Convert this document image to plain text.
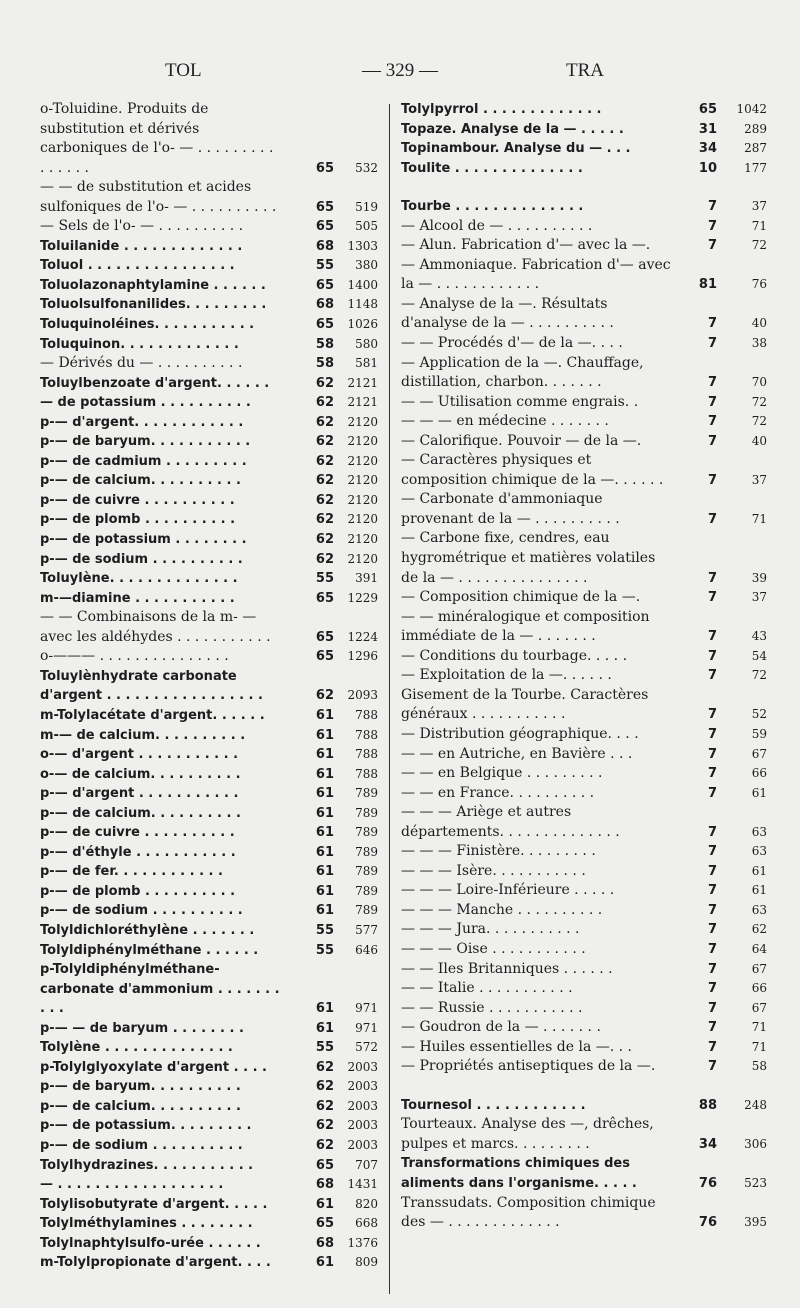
TOL	— 329 —	TRA
o-Toluidine. Produits de substitution et dérivés carboniques de l'o- — . . . . . . . . . . . . . . .	65 532
— — de substitution et acides sulfoniques de l'o- — . . . . . . . . . .	65 519
— Sels de l'o- — . . . . . . . . . .	65 505
Toluilanide . . . . . . . . . . . . .	68 1303
Toluol . . . . . . . . . . . . . . . .	55 380
Toluolazonaphtylamine . . . . . .	65 1400
Toluolsulfonanilides. . . . . . . . .	68 1148
Toluquinoléines. . . . . . . . . . .	65 1026
Toluquinon. . . . . . . . . . . . .	58 580
— Dérivés du — . . . . . . . . . .	58 581
Toluylbenzoate d'argent. . . . . .	62 2121
— de potassium . . . . . . . . . .	62 2121
p-— d'argent. . . . . . . . . . . .	62 2120
p-— de baryum. . . . . . . . . . .	62 2120
p-— de cadmium . . . . . . . . .	62 2120
p-— de calcium. . . . . . . . . .	62 2120
p-— de cuivre . . . . . . . . . .	62 2120
p-— de plomb . . . . . . . . . .	62 2120
p-— de potassium . . . . . . . .	62 2120
p-— de sodium . . . . . . . . . .	62 2120
Toluylène. . . . . . . . . . . . . .	55 391
m-—diamine . . . . . . . . . . .	65 1229
— — Combinaisons de la m- — avec les aldéhydes . . . . . . . . . . .	65 1224
o-——— . . . . . . . . . . . . . . .	65 1296
Toluylènhydrate carbonate d'argent . . . . . . . . . . . . . . . . .	62 2093
m-Tolylacétate d'argent. . . . . .	61 788
m-— de calcium. . . . . . . . . .	61 788
o-— d'argent . . . . . . . . . . .	61 788
o-— de calcium. . . . . . . . . .	61 788
p-— d'argent . . . . . . . . . . .	61 789
p-— de calcium. . . . . . . . . .	61 789
p-— de cuivre . . . . . . . . . .	61 789
p-— d'éthyle . . . . . . . . . . .	61 789
p-— de fer. . . . . . . . . . . .	61 789
p-— de plomb . . . . . . . . . .	61 789
p-— de sodium . . . . . . . . . .	61 789
Tolyldichloréthylène . . . . . . .	55 577
Tolyldiphénylméthane . . . . . .	55 646
p-Tolyldiphénylméthane-carbonate d'ammonium . . . . . . . . . .	61 971
p-— — de baryum . . . . . . . .	61 971
Tolylène . . . . . . . . . . . . . .	55 572
p-Tolylglyoxylate d'argent . . . .	62 2003
p-— de baryum. . . . . . . . . .	62 2003
p-— de calcium. . . . . . . . . .	62 2003
p-— de potassium. . . . . . . . .	62 2003
p-— de sodium . . . . . . . . . .	62 2003
Tolylhydrazines. . . . . . . . . . .	65 707
— . . . . . . . . . . . . . . . . . .	68 1431
Tolylisobutyrate d'argent. . . . .	61 820
Tolylméthylamines . . . . . . . .	65 668
Tolylnaphtylsulfo-urée . . . . . .	68 1376
m-Tolylpropionate d'argent. . . .	61 809
Tolylpyrrol . . . . . . . . . . . . .	65 1042
Topaze. Analyse de la — . . . . .	31 289
Topinambour. Analyse du — . . .	34 287
Toulite . . . . . . . . . . . . . .	10 177
Tourbe . . . . . . . . . . . . . .	7	37
— Alcool de — . . . . . . . . . .	7	71
— Alun. Fabrication d'— avec la —.	7	72
— Ammoniaque. Fabrication d'— avec la — . . . . . . . . . . . .	81	76
— Analyse de la —. Résultats d'analyse de la — . . . . . . . . . .	7	40
— — Procédés d'— de la —. . . .	7	38
— Application de la —. Chauffage, distillation, charbon. . . . . . .	7	70
— — Utilisation comme engrais. .	7	72
— — — en médecine . . . . . . .	7	72
— Calorifique. Pouvoir — de la —.	7	40
— Caractères physiques et composition chimique de la —. . . . . .	7	37
— Carbonate d'ammoniaque provenant de la — . . . . . . . . . .	7	71
— Carbone fixe, cendres, eau hygrométrique et matières volatiles de la — . . . . . . . . . . . . . . .	7	39
— Composition chimique de la —.	7	37
— — minéralogique et composition immédiate de la — . . . . . . .	7	43
— Conditions du tourbage. . . . .	7	54
— Exploitation de la —. . . . . .	7	72
Gisement de la Tourbe. Caractères généraux . . . . . . . . . . .	7	52
— Distribution géographique. . . .	7	59
— — en Autriche, en Bavière . . .	7	67
— — en Belgique . . . . . . . . .	7	66
— — en France. . . . . . . . . .	7	61
— — — Ariège et autres départements. . . . . . . . . . . . . .	7	63
— — — Finistère. . . . . . . . .	7	63
— — — Isère. . . . . . . . . . .	7	61
— — — Loire-Inférieure . . . . .	7	61
— — — Manche . . . . . . . . . .	7	63
— — — Jura. . . . . . . . . . .	7	62
— — — Oise . . . . . . . . . . .	7	64
— — Iles Britanniques . . . . . .	7	67
— — Italie . . . . . . . . . . .	7	66
— — Russie . . . . . . . . . . .	7	67
— Goudron de la — . . . . . . .	7	71
— Huiles essentielles de la —. . .	7	71
— Propriétés antiseptiques de la —.	7	58
Tournesol . . . . . . . . . . . .	88 248
Tourteaux. Analyse des —, drêches, pulpes et marcs. . . . . . . . .	34 306
Transformations chimiques des aliments dans l'organisme. . . . .	76 523
Transsudats. Composition chimique des — . . . . . . . . . . . . .	76 395
